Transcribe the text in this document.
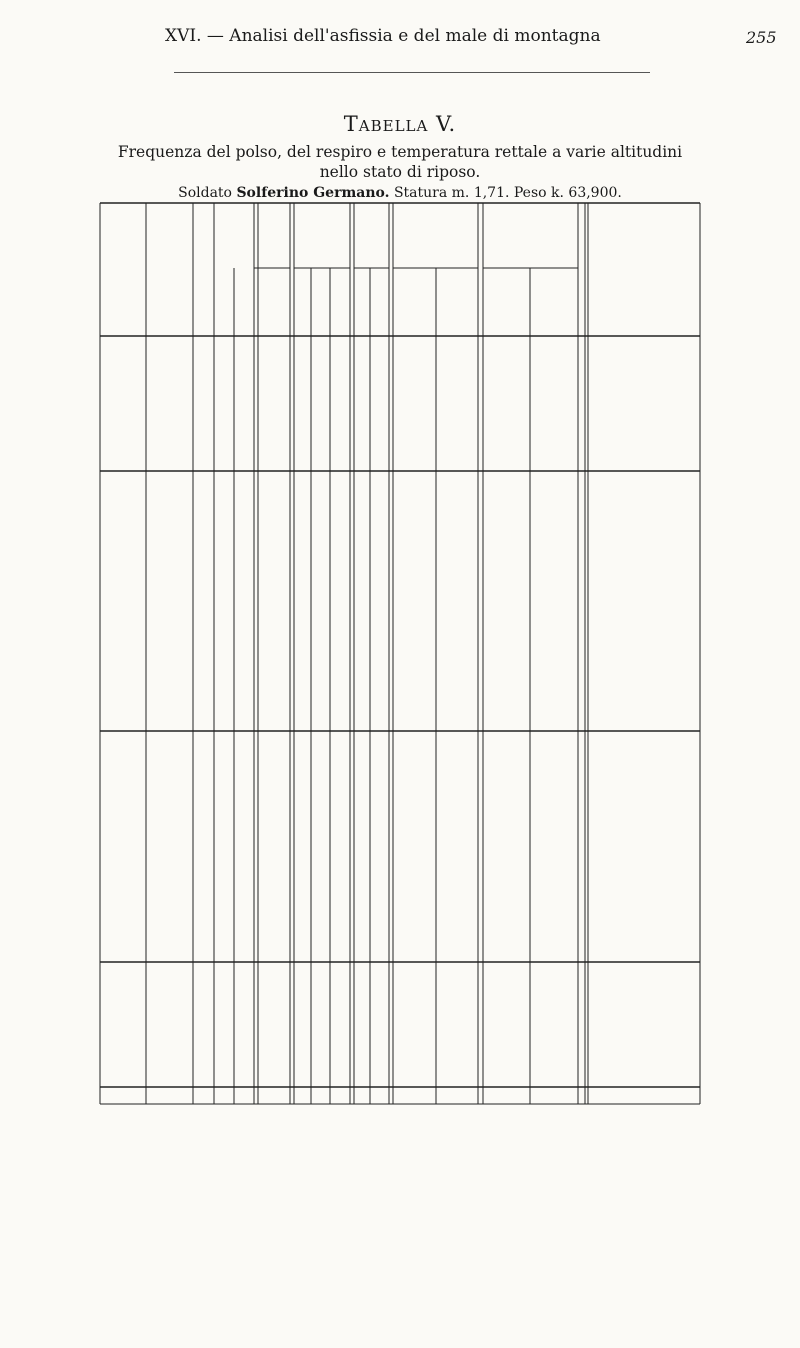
XVI. — Analisi dell'asfissia e del male di montagna	255
Tabella V.
Frequenza del polso, del respiro e temperatura rettale a varie altitudini
nello stato di riposo.
Soldato Solferino Germano. Statura m. 1,71. Peso k. 63,900.
